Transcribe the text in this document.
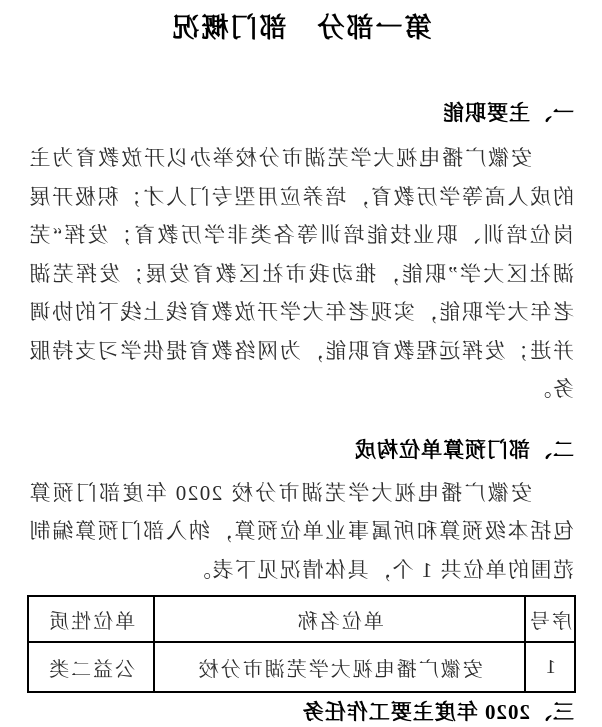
第一部分　部门概况
一、主要职能

安徽广播电视大学芜湖市分校举办以开放教育为主的成人高等学历教育，培养应用型专门人才；积极开展岗位培训、职业技能培训等各类非学历教育；发挥“芜湖社区大学”职能，推动我市社区教育发展；发挥芜湖老年大学职能，实现老年大学开放教育线上线下的协调并进；发挥远程教育职能，为网络教育提供学习支持服务。

二、部门预算单位构成

安徽广播电视大学芜湖市分校 2020 年度部门预算包括本级预算和所属事业单位预算，纳入部门预算编制范围的单位共 1 个，具体情况见下表。

序号	单位名称	单位性质
1	安徽广播电视大学芜湖市分校	公益二类
三、2020 年度主要工作任务
